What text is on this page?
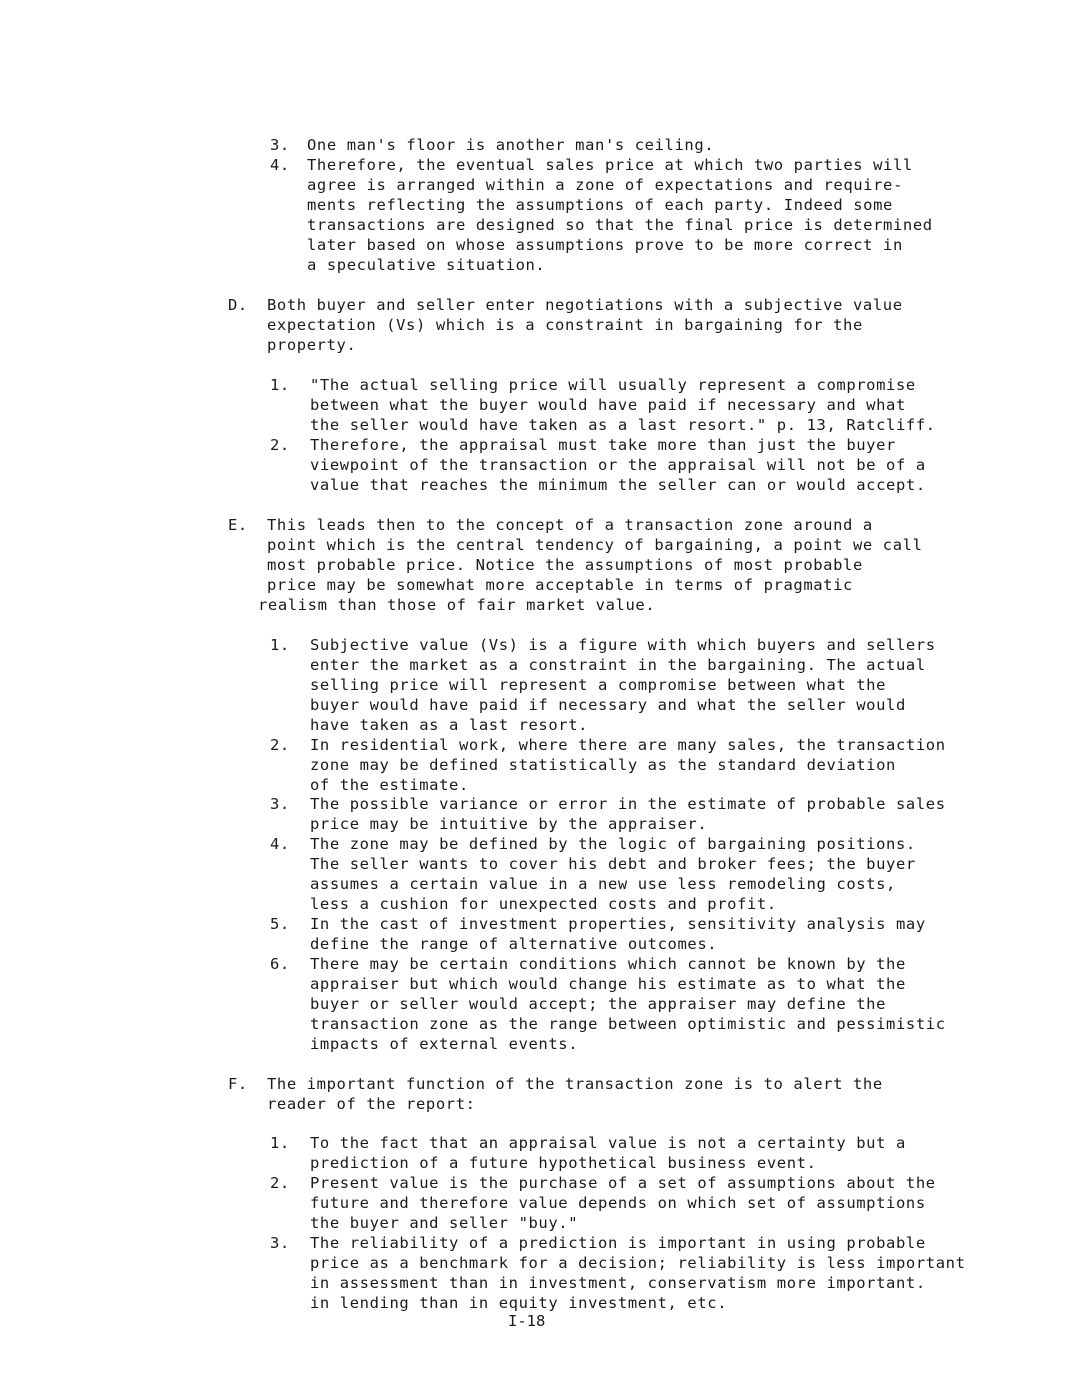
3. One man's floor is another man's ceiling.
4. Therefore, the eventual sales price at which two parties will
agree is arranged within a zone of expectations and require-
ments reflecting the assumptions of each party. Indeed some
transactions are designed so that the final price is determined
later based on whose assumptions prove to be more correct in
a speculative situation.
D. Both buyer and seller enter negotiations with a subjective value
expectation (Vs) which is a constraint in bargaining for the
property.
1. "The actual selling price will usually represent a compromise
between what the buyer would have paid if necessary and what
the seller would have taken as a last resort." p. 13, Ratcliff.
2. Therefore, the appraisal must take more than just the buyer
viewpoint of the transaction or the appraisal will not be of a
value that reaches the minimum the seller can or would accept.
E. This leads then to the concept of a transaction zone around a
point which is the central tendency of bargaining, a point we call
most probable price. Notice the assumptions of most probable
price may be somewhat more acceptable in terms of pragmatic
realism than those of fair market value.
1. Subjective value (Vs) is a figure with which buyers and sellers
enter the market as a constraint in the bargaining. The actual
selling price will represent a compromise between what the
buyer would have paid if necessary and what the seller would
have taken as a last resort.
2. In residential work, where there are many sales, the transaction
zone may be defined statistically as the standard deviation
of the estimate.
3. The possible variance or error in the estimate of probable sales
price may be intuitive by the appraiser.
4. The zone may be defined by the logic of bargaining positions.
The seller wants to cover his debt and broker fees; the buyer
assumes a certain value in a new use less remodeling costs,
less a cushion for unexpected costs and profit.
5. In the cast of investment properties, sensitivity analysis may
define the range of alternative outcomes.
6. There may be certain conditions which cannot be known by the
appraiser but which would change his estimate as to what the
buyer or seller would accept; the appraiser may define the
transaction zone as the range between optimistic and pessimistic
impacts of external events.
F. The important function of the transaction zone is to alert the
reader of the report:
1. To the fact that an appraisal value is not a certainty but a
prediction of a future hypothetical business event.
2. Present value is the purchase of a set of assumptions about the
future and therefore value depends on which set of assumptions
the buyer and seller "buy."
3. The reliability of a prediction is important in using probable
price as a benchmark for a decision; reliability is less important
in assessment than in investment, conservatism more important.
in lending than in equity investment, etc.
I-18
